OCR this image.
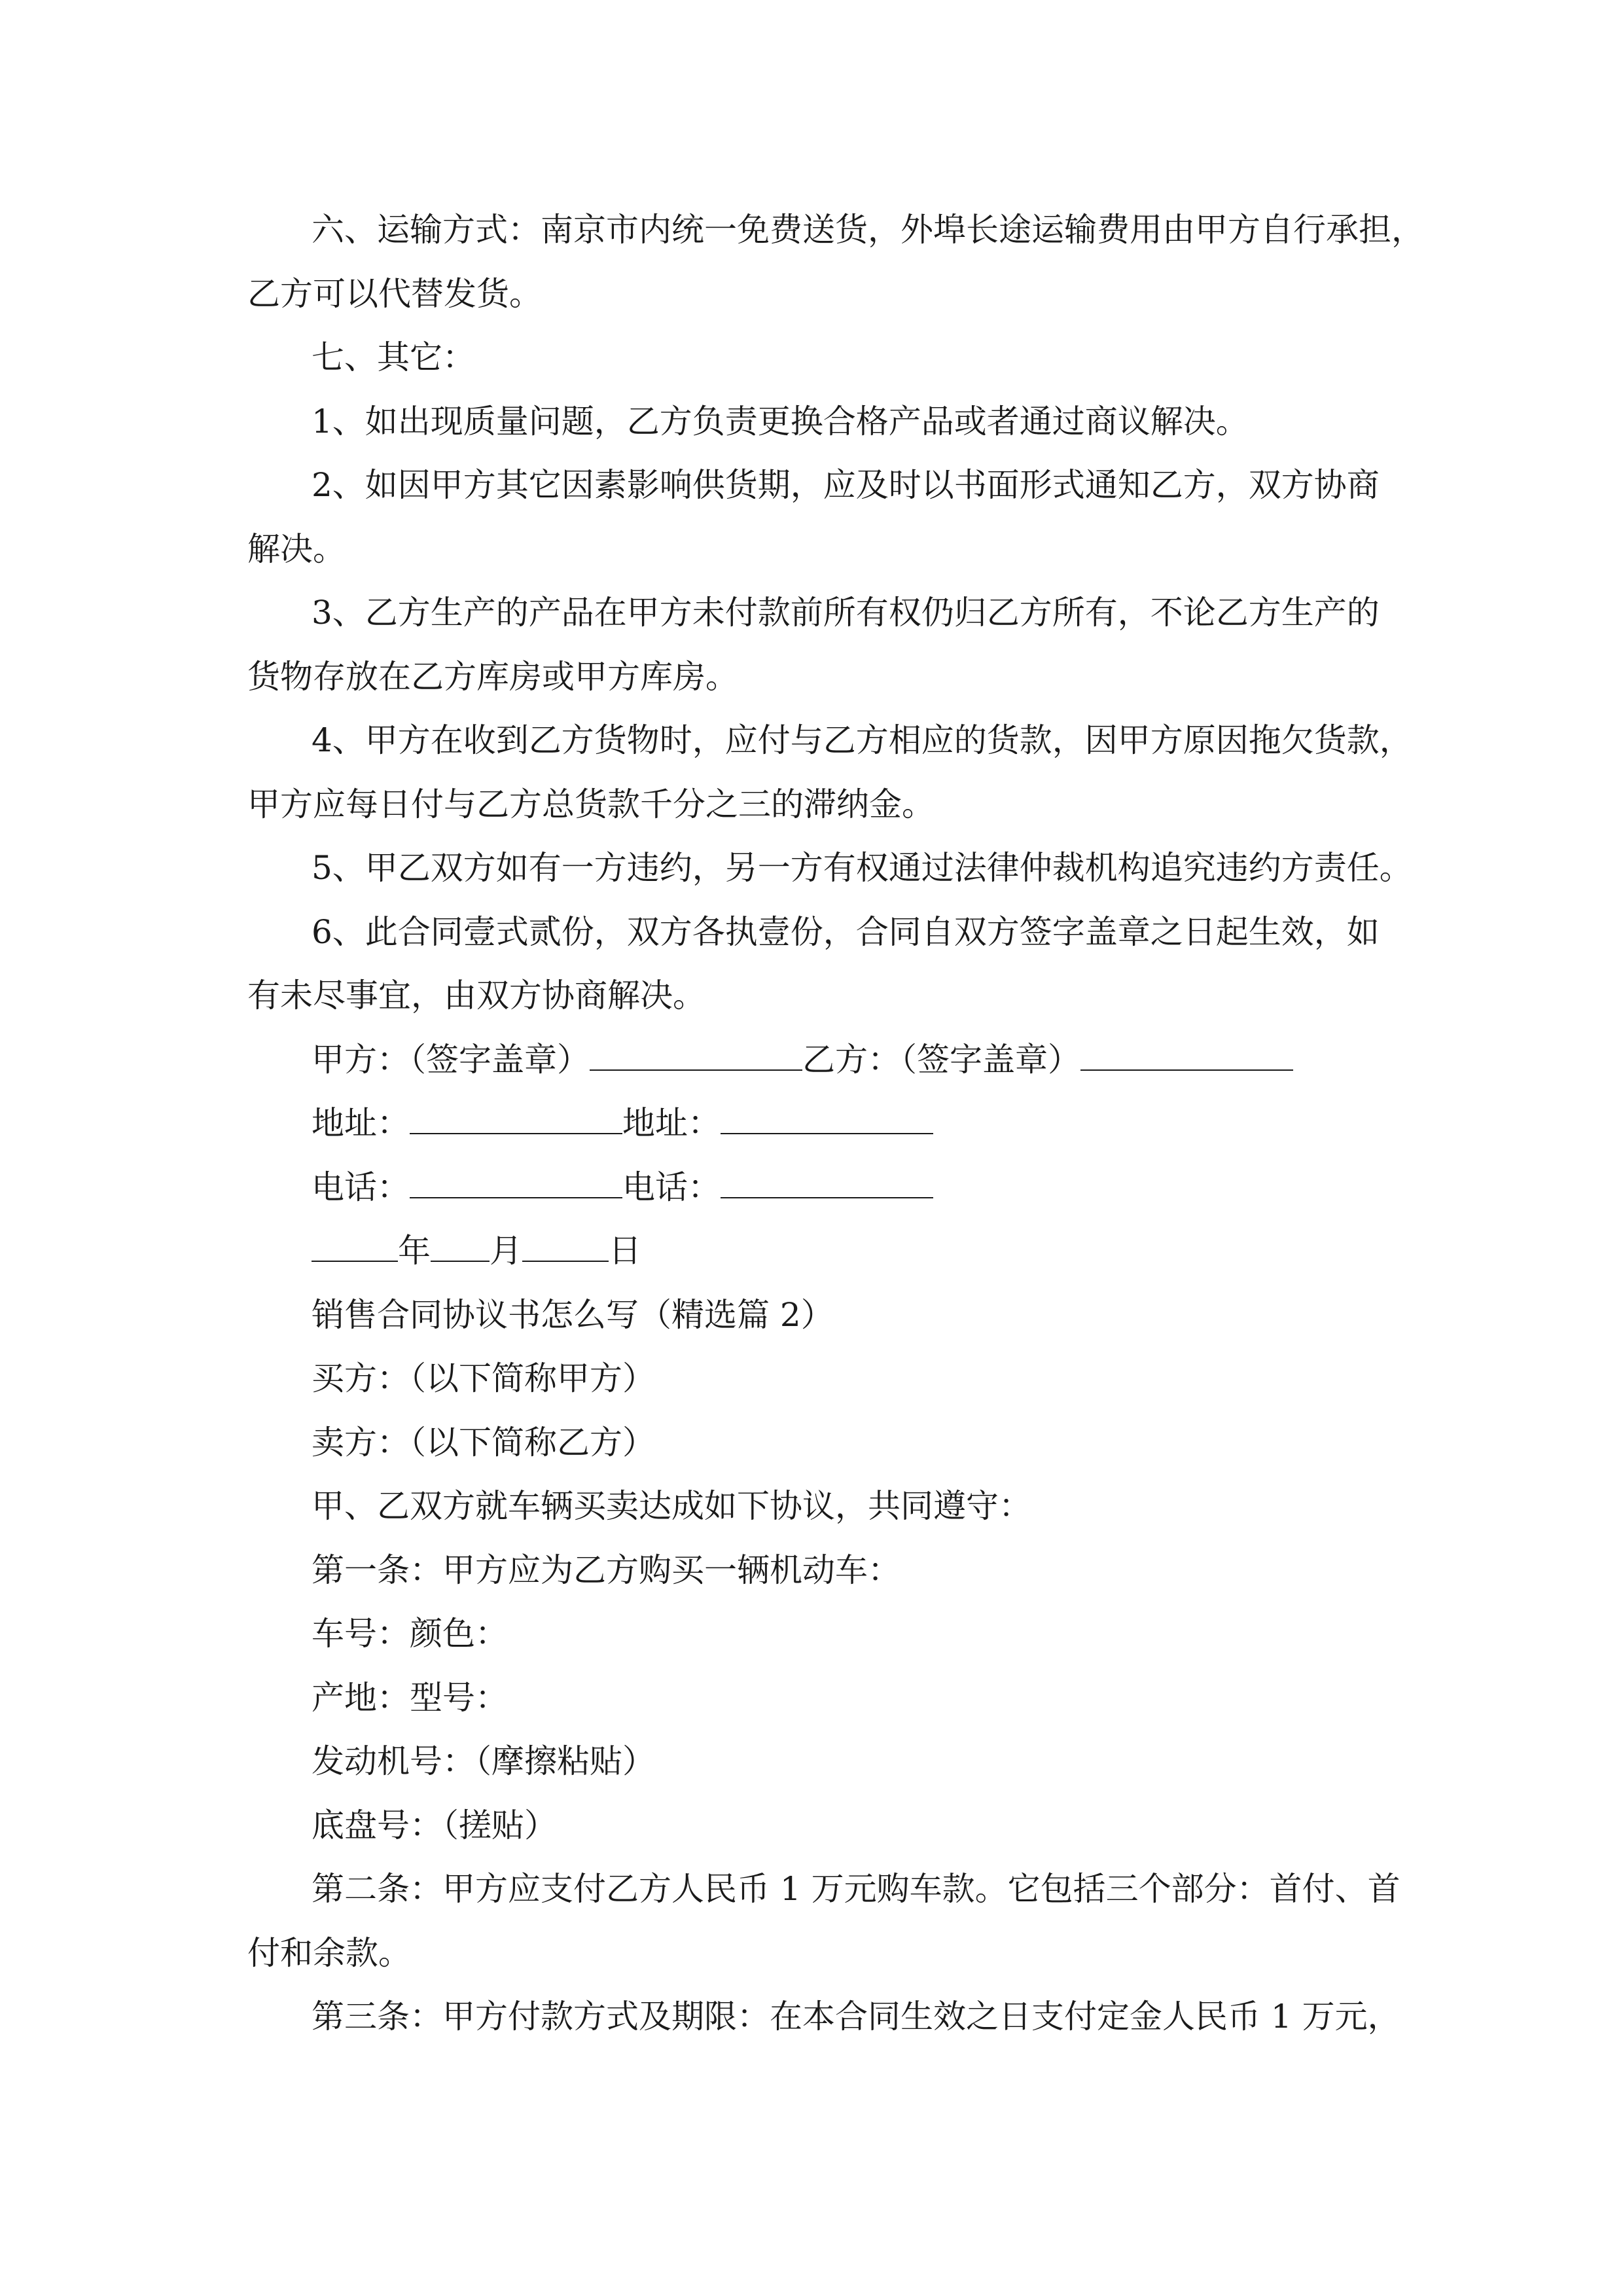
六、运输方式：南京市内统一免费送货，外埠长途运输费用由甲方自行承担，
乙方可以代替发货。
七、其它：
1、如出现质量问题，乙方负责更换合格产品或者通过商议解决。
2、如因甲方其它因素影响供货期，应及时以书面形式通知乙方，双方协商
解决。
3、乙方生产的产品在甲方未付款前所有权仍归乙方所有，不论乙方生产的
货物存放在乙方库房或甲方库房。
4、甲方在收到乙方货物时，应付与乙方相应的货款，因甲方原因拖欠货款，
甲方应每日付与乙方总货款千分之三的滞纳金。
5、甲乙双方如有一方违约，另一方有权通过法律仲裁机构追究违约方责任。
6、此合同壹式贰份，双方各执壹份，合同自双方签字盖章之日起生效，如
有未尽事宜，由双方协商解决。
甲方：（签字盖章）	乙方：（签字盖章）
地址：	地址：
电话：	电话：
年 月	日
销售合同协议书怎么写（精选篇 2）
买方：（以下简称甲方）
卖方：（以下简称乙方）
甲、乙双方就车辆买卖达成如下协议，共同遵守：
第一条：甲方应为乙方购买一辆机动车：
车号：颜色：
产地：型号：
发动机号：（摩擦粘贴）
底盘号：（搓贴）
第二条：甲方应支付乙方人民币 1 万元购车款。它包括三个部分：首付、首
付和余款。
第三条：甲方付款方式及期限：在本合同生效之日支付定金人民币 1 万元，
